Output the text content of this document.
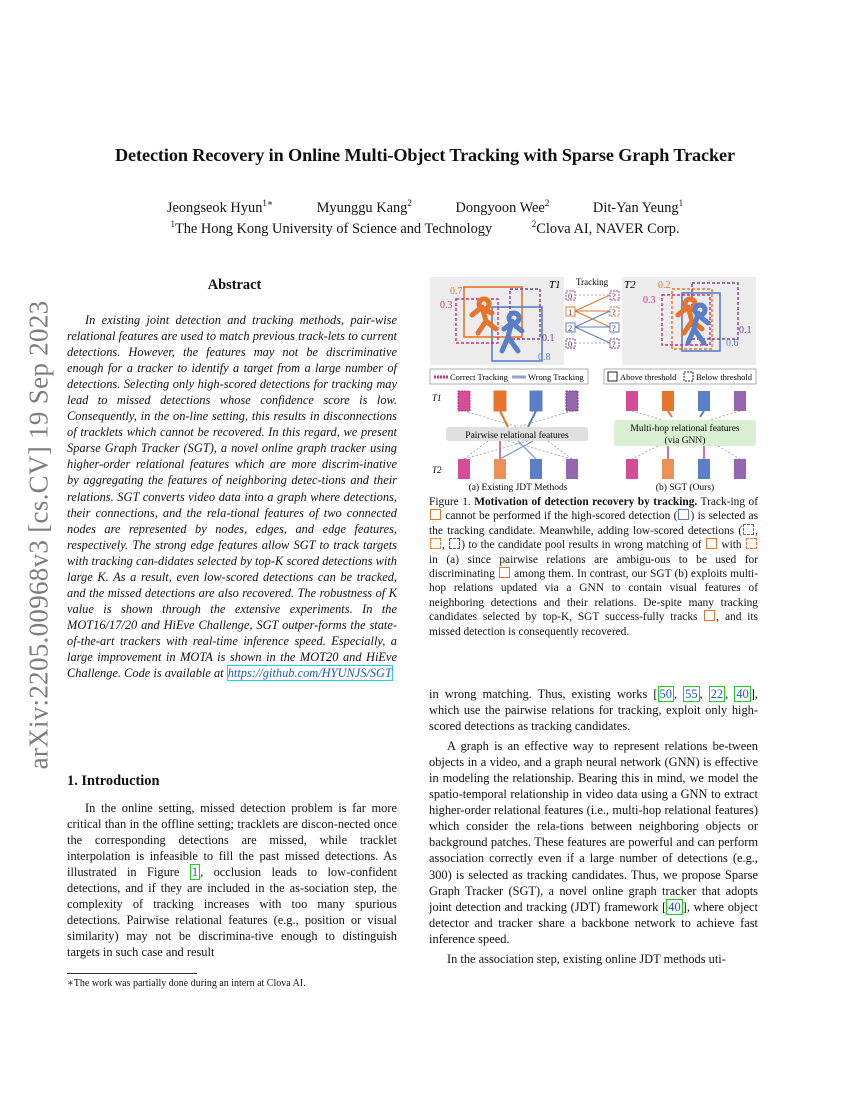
Detection Recovery in Online Multi-Object Tracking with Sparse Graph Tracker
Jeongseok Hyun$^{1∗}$	Myunggu Kang$^2$	Dongyoon Wee$^2$	Dit-Yan Yeung$^1$
$^1$The Hong Kong University of Science and Technology	$^2$Clova AI, NAVER Corp.
arXiv:2205.00968v3 [cs.CV] 19 Sep 2023
Abstract
In existing joint detection and tracking methods, pair-wise relational features are used to match previous track-lets to current detections. However, the features may not be discriminative enough for a tracker to identify a target from a large number of detections. Selecting only high-scored detections for tracking may lead to missed detections whose confidence score is low. Consequently, in the on-line setting, this results in disconnections of tracklets which cannot be recovered. In this regard, we present Sparse Graph Tracker (SGT), a novel online graph tracker using higher-order relational features which are more discrim-inative by aggregating the features of neighboring detec-tions and their relations. SGT converts video data into a graph where detections, their connections, and the rela-tional features of two connected nodes are represented by nodes, edges, and edge features, respectively. The strong edge features allow SGT to track targets with tracking can-didates selected by top-K scored detections with large K. As a result, even low-scored detections can be tracked, and the missed detections are also recovered. The robustness of K value is shown through the extensive experiments. In the MOT16/17/20 and HiEve Challenge, SGT outper-forms the state-of-the-art trackers with real-time inference speed. Especially, a large improvement in MOTA is shown in the MOT20 and HiEve Challenge. Code is available at https://github.com/HYUNJS/SGT
1. Introduction

In the online setting, missed detection problem is far more critical than in the offline setting; tracklets are discon-nected once the corresponding detections are missed, while tracklet interpolation is infeasible to fill the past missed detections. As illustrated in Figure 1 , occlusion leads to low-confident detections, and if they are included in the as-sociation step, the complexity of tracking increases with too many spurious detections. Pairwise relational features (e.g., position or visual similarity) may not be discrimina-tive enough to distinguish targets in such case and result

∗The work was partially done during an intern at Clova AI.
T1	T2
Tracking
0.7
0.3
0.1
0.8
0
1
2
0
?
?
?
?
0.2
0.3
0.1
0.6
Correct Tracking Wrong Tracking	Above threshold Below threshold
T1
T2
Pairwise relational features
Multi-hop relational features
(via GNN)
(a) Existing JDT Methods	(b) SGT (Ours)
Figure 1. Motivation of detection recovery by tracking. Track-ing of  cannot be performed if the high-scored detection ( ) is selected as the tracking candidate. Meanwhile, adding low-scored detections ( , , ) to the candidate pool results in wrong matching of with  in (a) since pairwise relations are ambigu-ous to be used for discriminating among them. In contrast, our SGT (b) exploits multi-hop relations updated via a GNN to contain visual features of neighboring detections and their relations. De-spite many tracking candidates selected by top-K, SGT success-fully tracks , and its missed detection is consequently recovered.

in wrong matching. Thus, existing works [ 50 , 55 , 22 , 40 ], which use the pairwise relations for tracking, exploit only high-scored detections as tracking candidates.

A graph is an effective way to represent relations be-tween objects in a video, and a graph neural network (GNN) is effective in modeling the relationship. Bearing this in mind, we model the spatio-temporal relationship in video data using a GNN to extract higher-order relational features (i.e., multi-hop relational features) which consider the rela-tions between neighboring objects or background patches. These features are powerful and can perform association correctly even if a large number of detections (e.g., 300) is selected as tracking candidates. Thus, we propose Sparse Graph Tracker (SGT), a novel online graph tracker that adopts joint detection and tracking (JDT) framework [ 40 ], where object detector and tracker share a backbone network to achieve fast inference speed.

In the association step, existing online JDT methods uti-
